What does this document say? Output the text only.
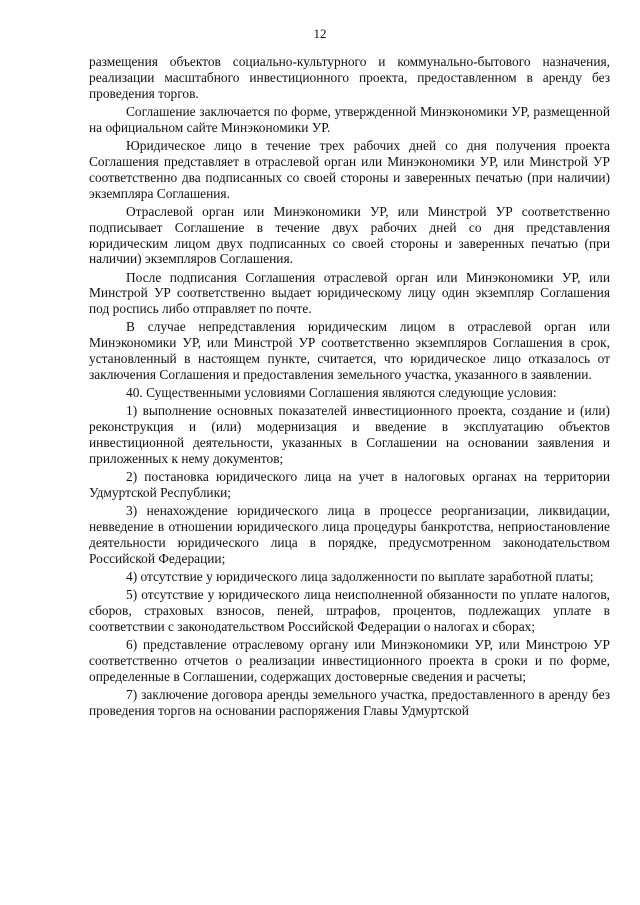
12

размещения объектов социально-культурного и коммунально-бытового назначения, реализации масштабного инвестиционного проекта, предоставленном в аренду без проведения торгов.

Соглашение заключается по форме, утвержденной Минэкономики УР, размещенной на официальном сайте Минэкономики УР.

Юридическое лицо в течение трех рабочих дней со дня получения проекта Соглашения представляет в отраслевой орган или Минэкономики УР, или Минстрой УР соответственно два подписанных со своей стороны и заверенных печатью (при наличии) экземпляра Соглашения.

Отраслевой орган или Минэкономики УР, или Минстрой УР соответственно подписывает Соглашение в течение двух рабочих дней со дня представления юридическим лицом двух подписанных со своей стороны и заверенных печатью (при наличии) экземпляров Соглашения.

После подписания Соглашения отраслевой орган или Минэкономики УР, или Минстрой УР соответственно выдает юридическому лицу один экземпляр Соглашения под роспись либо отправляет по почте.

В случае непредставления юридическим лицом в отраслевой орган или Минэкономики УР, или Минстрой УР соответственно экземпляров Соглашения в срок, установленный в настоящем пункте, считается, что юридическое лицо отказалось от заключения Соглашения и предоставления земельного участка, указанного в заявлении.

40. Существенными условиями Соглашения являются следующие условия:

1) выполнение основных показателей инвестиционного проекта, создание и (или) реконструкция и (или) модернизация и введение в эксплуатацию объектов инвестиционной деятельности, указанных в Соглашении на основании заявления и приложенных к нему документов;

2) постановка юридического лица на учет в налоговых органах на территории Удмуртской Республики;

3) ненахождение юридического лица в процессе реорганизации, ликвидации, невведение в отношении юридического лица процедуры банкротства, неприостановление деятельности юридического лица в порядке, предусмотренном законодательством Российской Федерации;

4) отсутствие у юридического лица задолженности по выплате заработной платы;

5) отсутствие у юридического лица неисполненной обязанности по уплате налогов, сборов, страховых взносов, пеней, штрафов, процентов, подлежащих уплате в соответствии с законодательством Российской Федерации о налогах и сборах;

6) представление отраслевому органу или Минэкономики УР, или Минстрою УР соответственно отчетов о реализации инвестиционного проекта в сроки и по форме, определенные в Соглашении, содержащих достоверные сведения и расчеты;

7) заключение договора аренды земельного участка, предоставленного в аренду без проведения торгов на основании распоряжения Главы Удмуртской
